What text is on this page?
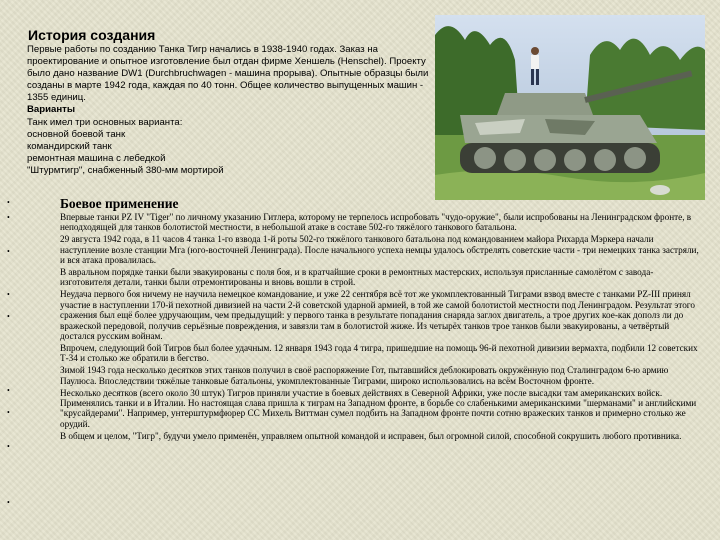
История создания

Первые работы по созданию Танка Тигр начались в 1938-1940 годах. Заказ на проектирование и опытное изготовление был отдан фирме Хеншель (Henschel). Проекту было дано название DW1 (Durchbruchwagen - машина прорыва). Опытные образцы были созданы в марте 1942 года, каждая по 40 тонн. Общее количество выпущенных машин - 1355 единиц.

Варианты
Танк имел три основных варианта:
основной боевой танк
командирский танк
ремонтная машина с лебедкой
"Штурмтигр", снабженный 380-мм мортирой
Боевое применение
•
•
•
•
•
•
•
•
•
Впервые танки PZ IV "Tiger" по личному указанию Гитлера, которому не терпелось испробовать "чудо-оружие", были испробованы на Ленинградском фронте, в неподходящей для танков болотистой местности, в небольшой атаке в составе 502-го тяжёлого танкового батальона.
29 августа 1942 года, в 11 часов 4 танка 1-го взвода 1-й роты 502-го тяжёлого танкового батальона под командованием майора Рихарда Мэркера начали наступление возле станции Мга (юго-восточней Ленинграда). После начального успеха немцы удалось обстрелять советские части - три немецких танка застряли, и вся атака провалилась.
В авральном порядке танки были эвакуированы с поля боя, и в кратчайшие сроки в ремонтных мастерских, используя присланные самолётом с завода-изготовителя детали, танки были отремонтированы и вновь вошли в строй.
Неудача первого боя ничему не научила немецкое командование, и уже 22 сентября всё тот же укомплектованный Тиграми взвод вместе с танками PZ-III принял участие в наступлении 170-й пехотной дивизией на части 2-й советской ударной армией, в той же самой болотистой местности под Ленинградом. Результат этого сражения был ещё более удручающим, чем предыдущий: у первого танка в результате попадания снаряда заглох двигатель, а трое других кое-как дополз ли до вражеской передовой, получив серьёзные повреждения, и завязли там в болотистой жиже. Из четырёх танков трое танков были эвакуированы, а четвёртый достался русским войнам.
Впрочем, следующий бой Тигров был более удачным. 12 января 1943 года 4 тигра, пришедшие на помощь 96-й пехотной дивизии вермахта, подбили 12 советских Т-34 и столько же обратили в бегство.
Зимой 1943 года несколько десятков этих танков получил в своё распоряжение Гот, пытавшийся деблокировать окружённую под Сталинградом 6-ю армию Паулюса. Впоследствии тяжёлые танковые батальоны, укомплектованные Тиграми, широко использовались на всём Восточном фронте.
Несколько десятков (всего около 30 штук) Тигров приняли участие в боевых действиях в Северной Африки, уже после высадки там американских войск. Применялись танки и в Италии. Но настоящая слава пришла к тиграм на Западном фронте, в борьбе со слабенькими американскими "шерманами" и английскими "крусайдерами". Например, унтерштурмфюрер СС Михель Виттман сумел подбить на Западном фронте почти сотню вражеских танков и примерно столько же орудий.
В общем и целом, "Тигр", будучи умело применён, управляем опытной командой и исправен, был огромной силой, способной сокрушить любого противника.
